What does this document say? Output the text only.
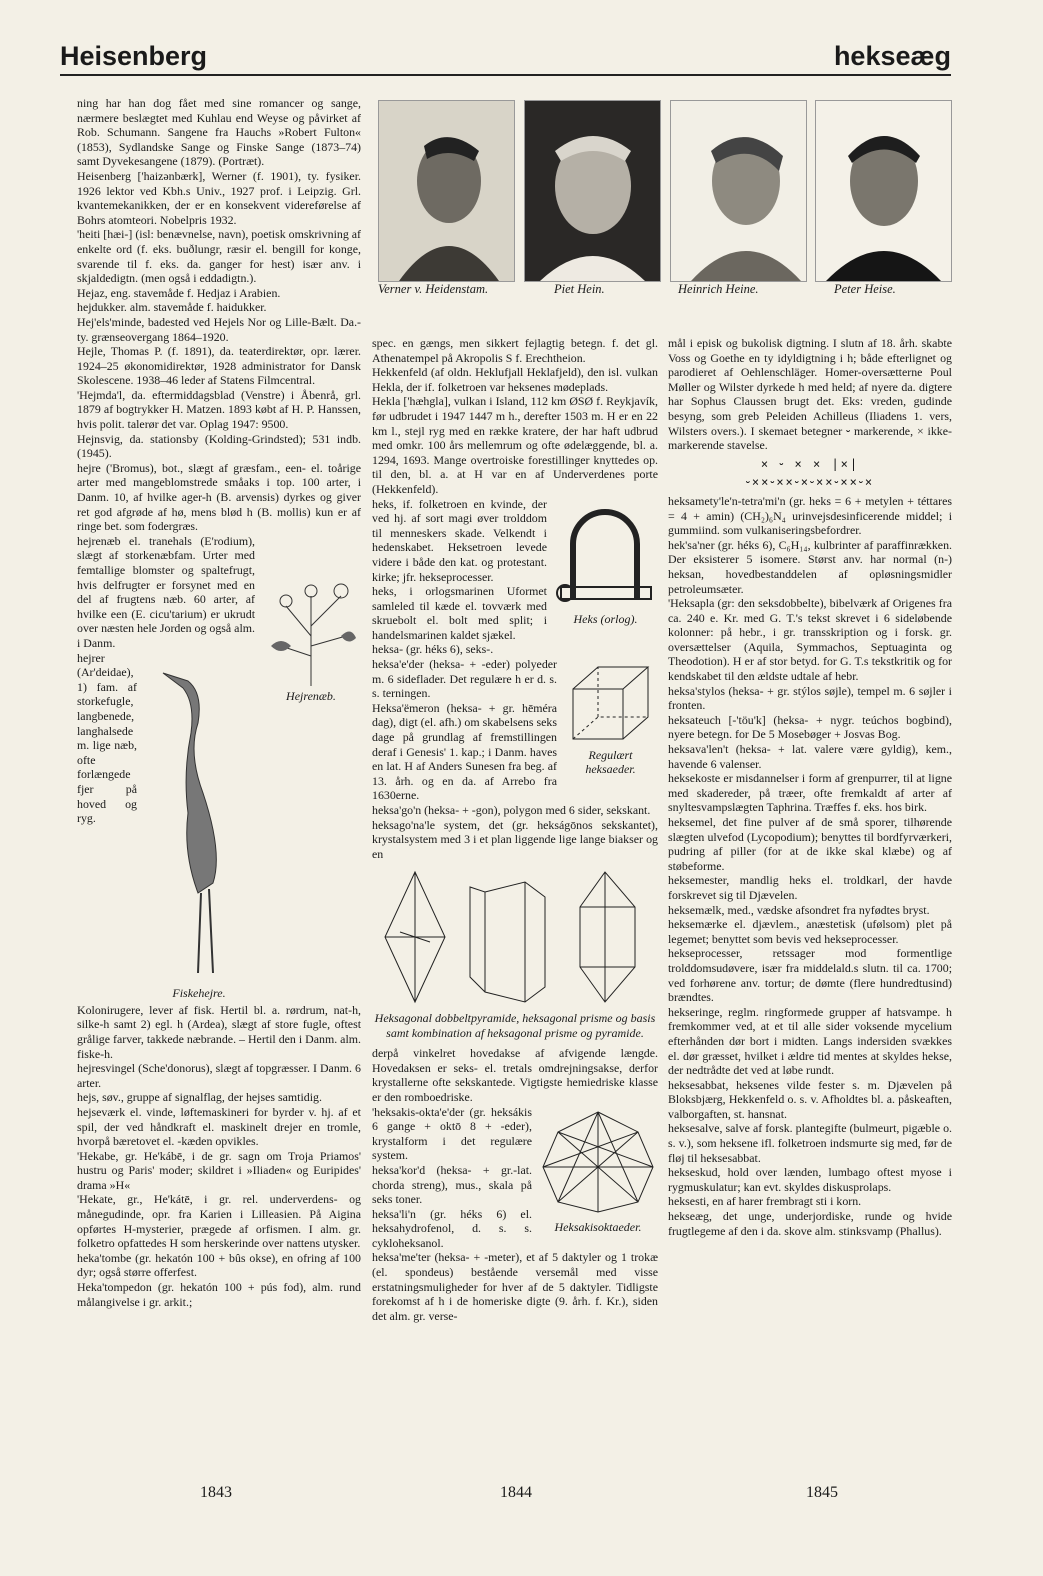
Heisenberg	hekseæg
Verner v. Heidenstam.	Piet Hein.	Heinrich Heine.	Peter Heise.

ning har han dog fået med sine romancer og sange, nærmere beslægtet med Kuhlau end Weyse og påvirket af Rob. Schumann. Sangene fra Hauchs »Robert Fulton« (1853), Sydlandske Sange og Finske Sange (1873–74) samt Dyvekesangene (1879). (Portræt).

Heisenberg ['haizənbærk], Werner (f. 1901), ty. fysiker. 1926 lektor ved Kbh.s Univ., 1927 prof. i Leipzig. Grl. kvantemekanikken, der er en konsekvent videreførelse af Bohrs atomteori. Nobelpris 1932.

'heiti [hæi-] (isl: benævnelse, navn), poetisk omskrivning af enkelte ord (f. eks. buðlungr, ræsir el. bengill for konge, svarende til f. eks. da. ganger for hest) især anv. i skjaldedigtn. (men også i eddadigtn.).

Hejaz, eng. stavemåde f. Hedjaz i Arabien.

hejdukker. alm. stavemåde f. haidukker.

Hej'els'minde, badested ved Hejels Nor og Lille-Bælt. Da.-ty. grænseovergang 1864–1920.

Hejle, Thomas P. (f. 1891), da. teaterdirektør, opr. lærer. 1924–25 økonomidirektør, 1928 administrator for Dansk Skolescene. 1938–46 leder af Statens Filmcentral.

'Hejmda'l, da. eftermiddagsblad (Venstre) i Åbenrå, grl. 1879 af bogtrykker H. Matzen. 1893 købt af H. P. Hanssen, hvis polit. talerør det var. Oplag 1947: 9500.

Hejnsvig, da. stationsby (Kolding-Grindsted); 531 indb. (1945).

hejre ('Bromus), bot., slægt af græsfam., een- el. toårige arter med mangeblomstrede småaks i top. 100 arter, i Danm. 10, af hvilke ager-h (B. arvensis) dyrkes og giver ret god afgrøde af hø, mens blød h (B. mollis) kun er af ringe bet. som fodergræs.

Hejrenæb.

hejrenæb el. tranehals (E'rodium), slægt af storkenæbfam. Urter med femtallige blomster og spaltefrugt, hvis delfrugter er forsynet med en del af frugtens næb. 60 arter, af hvilke een (E. cicu'tarium) er ukrudt over næsten hele Jorden og også alm. i Danm.

Fiskehejre.

hejrer (Ar'deidae), 1) fam. af storkefugle, langbenede, langhalsede m. lige næb, ofte forlængede fjer på hoved og ryg. Kolonirugere, lever af fisk. Hertil bl. a. rørdrum, nat-h, silke-h samt 2) egl. h (Ardea), slægt af store fugle, oftest grålige farver, takkede næbrande. – Hertil den i Danm. alm. fiske-h.

hejresvingel (Sche'donorus), slægt af topgræsser. I Danm. 6 arter.

hejs, søv., gruppe af signalflag, der hejses samtidig.

hejseværk el. vinde, løftemaskineri for byrder v. hj. af et spil, der ved håndkraft el. maskinelt drejer en tromle, hvorpå bæretovet el. -kæden opvikles.

'Hekabe, gr. He'kábē, i de gr. sagn om Troja Priamos' hustru og Paris' moder; skildret i »Iliaden« og Euripides' drama »H«

'Hekate, gr., He'kátē, i gr. rel. underverdens- og månegudinde, opr. fra Karien i Lilleasien. På Aigina opførtes H-mysterier, prægede af orfismen. I alm. gr. folketro opfattedes H som herskerinde over nattens utysker.

heka'tombe (gr. hekatón 100 + bûs okse), en ofring af 100 dyr; også større offerfest.

Heka'tompedon (gr. hekatón 100 + pús fod), alm. rund målangivelse i gr. arkit.;

spec. en gængs, men sikkert fejlagtig betegn. f. det gl. Athenatempel på Akropolis S f. Erechtheion.

Hekkenfeld (af oldn. Heklufjall Heklafjeld), den isl. vulkan Hekla, der if. folketroen var heksenes mødeplads.

Hekla ['hæhgla], vulkan i Island, 112 km ØSØ f. Reykjavík, før udbrudet i 1947 1447 m h., derefter 1503 m. H er en 22 km l., stejl ryg med en række kratere, der har haft udbrud med omkr. 100 års mellemrum og ofte ødelæggende, bl. a. 1294, 1693. Mange overtroiske forestillinger knyttedes op. til den, bl. a. at H var en af Underverdenes porte (Hekkenfeld).

Heks (orlog).

heks, if. folketroen en kvinde, der ved hj. af sort magi øver trolddom til menneskers skade. Velkendt i hedenskabet. Heksetroen levede videre i både den kat. og protestant. kirke; jfr. hekseprocesser.

heks, i orlogsmarinen Uformet samleled til kæde el. tovværk med skruebolt el. bolt med split; i handelsmarinen kaldet sjækel.

heksa- (gr. héks 6), seks-.

Regulært heksaeder.

heksa'e'der (heksa- + -eder) polyeder m. 6 sideflader. Det regulære h er d. s. s. terningen.

Heksa'ëmeron (heksa- + gr. hēméra dag), digt (el. afh.) om skabelsens seks dage på grundlag af fremstillingen deraf i Genesis' 1. kap.; i Danm. haves en lat. H af Anders Sunesen fra beg. af 13. årh. og en da. af Arrebo fra 1630erne.

heksa'go'n (heksa- + -gon), polygon med 6 sider, sekskant.

heksago'na'le system, det (gr. hekságōnos sekskantet), krystalsystem med 3 i et plan liggende lige lange biakser og en

Heksagonal dobbeltpyramide, heksagonal prisme og basis samt kombination af heksagonal prisme og pyramide.

derpå vinkelret hovedakse af afvigende længde. Hovedaksen er seks- el. tretals omdrejningsakse, derfor krystallerne ofte sekskantede. Vigtigste hemiedriske klasse er den romboedriske.

Heksakisoktaeder.

'heksakis-okta'e'der (gr. heksákis 6 gange + oktō 8 + -eder), krystalform i det regulære system.

heksa'kor'd (heksa- + gr.-lat. chorda streng), mus., skala på seks toner.

heksa'li'n (gr. héks 6) el. heksahydrofenol, d. s. s. cykloheksanol.

heksa'me'ter (heksa- + -meter), et af 5 daktyler og 1 trokæ (el. spondeus) bestående versemål med visse erstatningsmuligheder for hver af de 5 daktyler. Tidligste forekomst af h i de homeriske digte (9. årh. f. Kr.), siden det alm. gr. verse-

mål i episk og bukolisk digtning. I slutn af 18. årh. skabte Voss og Goethe en ty idyldigtning i h; både efterlignet og parodieret af Oehlenschläger. Homer-oversætterne Poul Møller og Wilster dyrkede h med held; af nyere da. digtere har Sophus Claussen brugt det. Eks: vreden, gudinde besyng, som greb Peleiden Achilleus (Iliadens 1. vers, Wilsters overs.). I skemaet betegner ⏑ markerende, × ikke-markerende stavelse.

× ⏑ × × |×|
⏑××⏑××⏑×⏑××⏑××⏑×

heksamety'le'n-tetra'mi'n (gr. heks = 6 + metylen + téttares = 4 + amin) (CH₂)₆N₄ urinvejsdesinficerende middel; i gummiind. som vulkaniseringsbefordrer.

hek'sa'ner (gr. héks 6), C₆H₁₄, kulbrinter af paraffinrækken. Der eksisterer 5 isomere. Størst anv. har normal (n-) heksan, hovedbestanddelen af opløsningsmidler petroleumsæter.

'Heksapla (gr: den seksdobbelte), bibelværk af Origenes fra ca. 240 e. Kr. med G. T.'s tekst skrevet i 6 sideløbende kolonner: på hebr., i gr. transskription og i forsk. gr. oversættelser (Aquila, Symmachos, Septuaginta og Theodotion). H er af stor betyd. for G. T.s tekstkritik og for kendskabet til den ældste udtale af hebr.

heksa'stylos (heksa- + gr. stýlos søjle), tempel m. 6 søjler i fronten.

heksateuch [-'töu'k] (heksa- + nygr. teúchos bogbind), nyere betegn. for De 5 Mosebøger + Josvas Bog.

heksava'len't (heksa- + lat. valere være gyldig), kem., havende 6 valenser.

heksekoste er misdannelser i form af grenpurrer, til at ligne med skadereder, på træer, ofte fremkaldt af arter af snyltesvampslægten Taphrina. Træffes f. eks. hos birk.

heksemel, det fine pulver af de små sporer, tilhørende slægten ulvefod (Lycopodium); benyttes til bordfyrværkeri, pudring af piller (for at de ikke skal klæbe) og af støbeforme.

heksemester, mandlig heks el. troldkarl, der havde forskrevet sig til Djævelen.

heksemælk, med., vædske afsondret fra nyfødtes bryst.

heksemærke el. djævlem., anæstetisk (ufølsom) plet på legemet; benyttet som bevis ved hekseprocesser.

hekseprocesser, retssager mod formentlige trolddomsudøvere, især fra middelald.s slutn. til ca. 1700; ved forhørene anv. tortur; de dømte (flere hundredtusind) brændtes.

hekseringe, reglm. ringformede grupper af hatsvampe. h fremkommer ved, at et til alle sider voksende mycelium efterhånden dør bort i midten. Langs indersiden svækkes el. dør græsset, hvilket i ældre tid mentes at skyldes hekse, der nedtrådte det ved at løbe rundt.

heksesabbat, heksenes vilde fester s. m. Djævelen på Bloksbjærg, Hekkenfeld o. s. v. Afholdtes bl. a. påskeaften, valborgaften, st. hansnat.

heksesalve, salve af forsk. plantegifte (bulmeurt, pigæble o. s. v.), som heksene ifl. folketroen indsmurte sig med, før de fløj til heksesabbat.

hekseskud, hold over lænden, lumbago oftest myose i rygmuskulatur; kan evt. skyldes diskusprolaps.

heksesti, en af harer frembragt sti i korn.

hekseæg, det unge, underjordiske, runde og hvide frugtlegeme af den i da. skove alm. stinksvamp (Phallus).

1843	1844	1845
